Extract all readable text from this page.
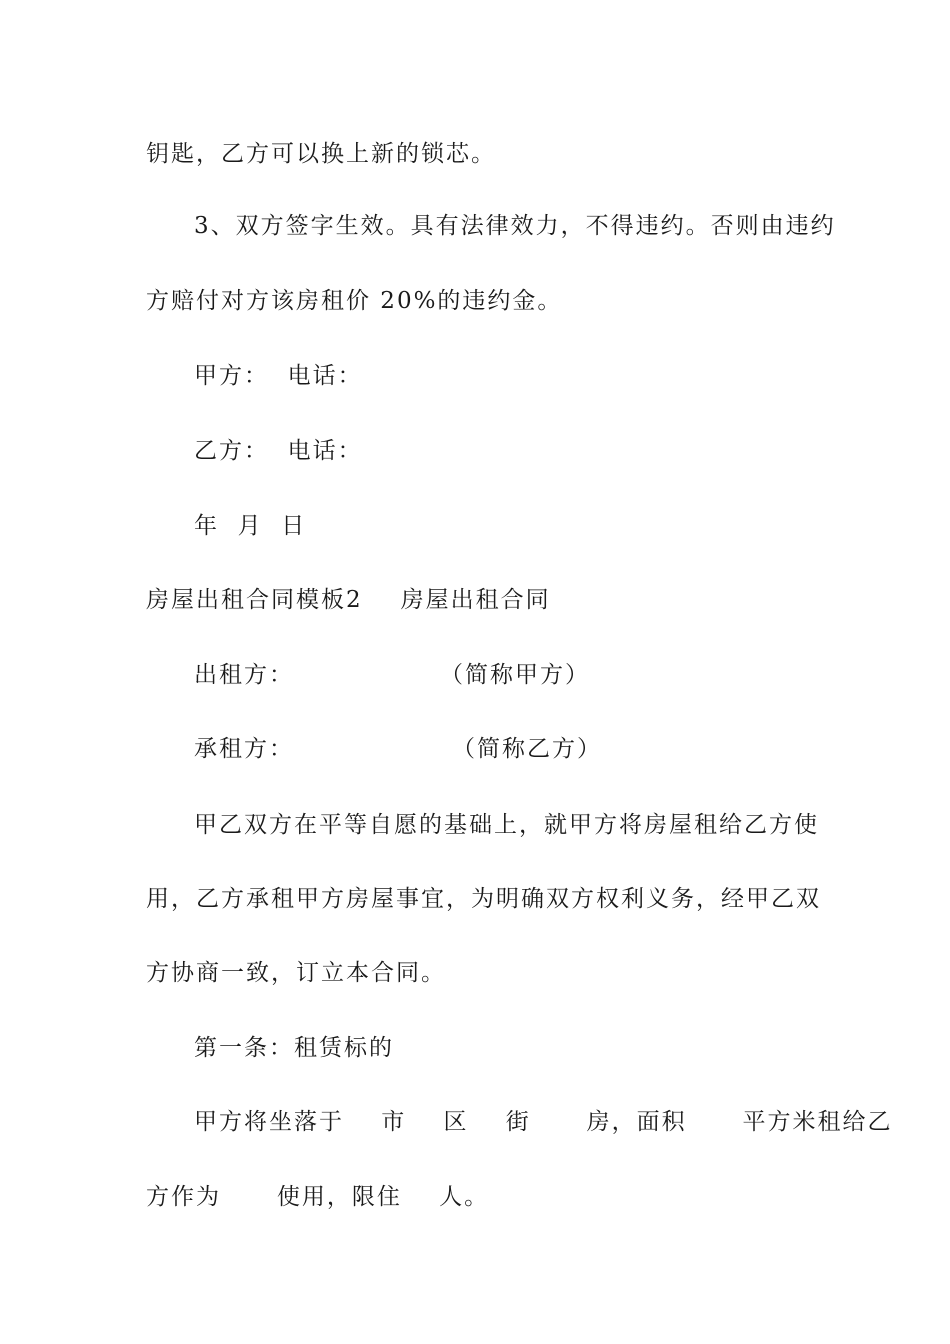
钥匙，乙方可以换上新的锁芯。
3、双方签字生效。具有法律效力，不得违约。否则由违约
方赔付对方该房租价 20%的违约金。
甲方：  电话：
乙方：  电话：
年  月  日
房屋出租合同模板2 房屋出租合同
出租方：	（简称甲方）
承租方：	（简称乙方）
甲乙双方在平等自愿的基础上，就甲方将房屋租给乙方使
用，乙方承租甲方房屋事宜，为明确双方权利义务，经甲乙双
方协商一致，订立本合同。
第一条：租赁标的
甲方将坐落于    市    区    街      房，面积      平方米租给乙
方作为      使用，限住    人。
